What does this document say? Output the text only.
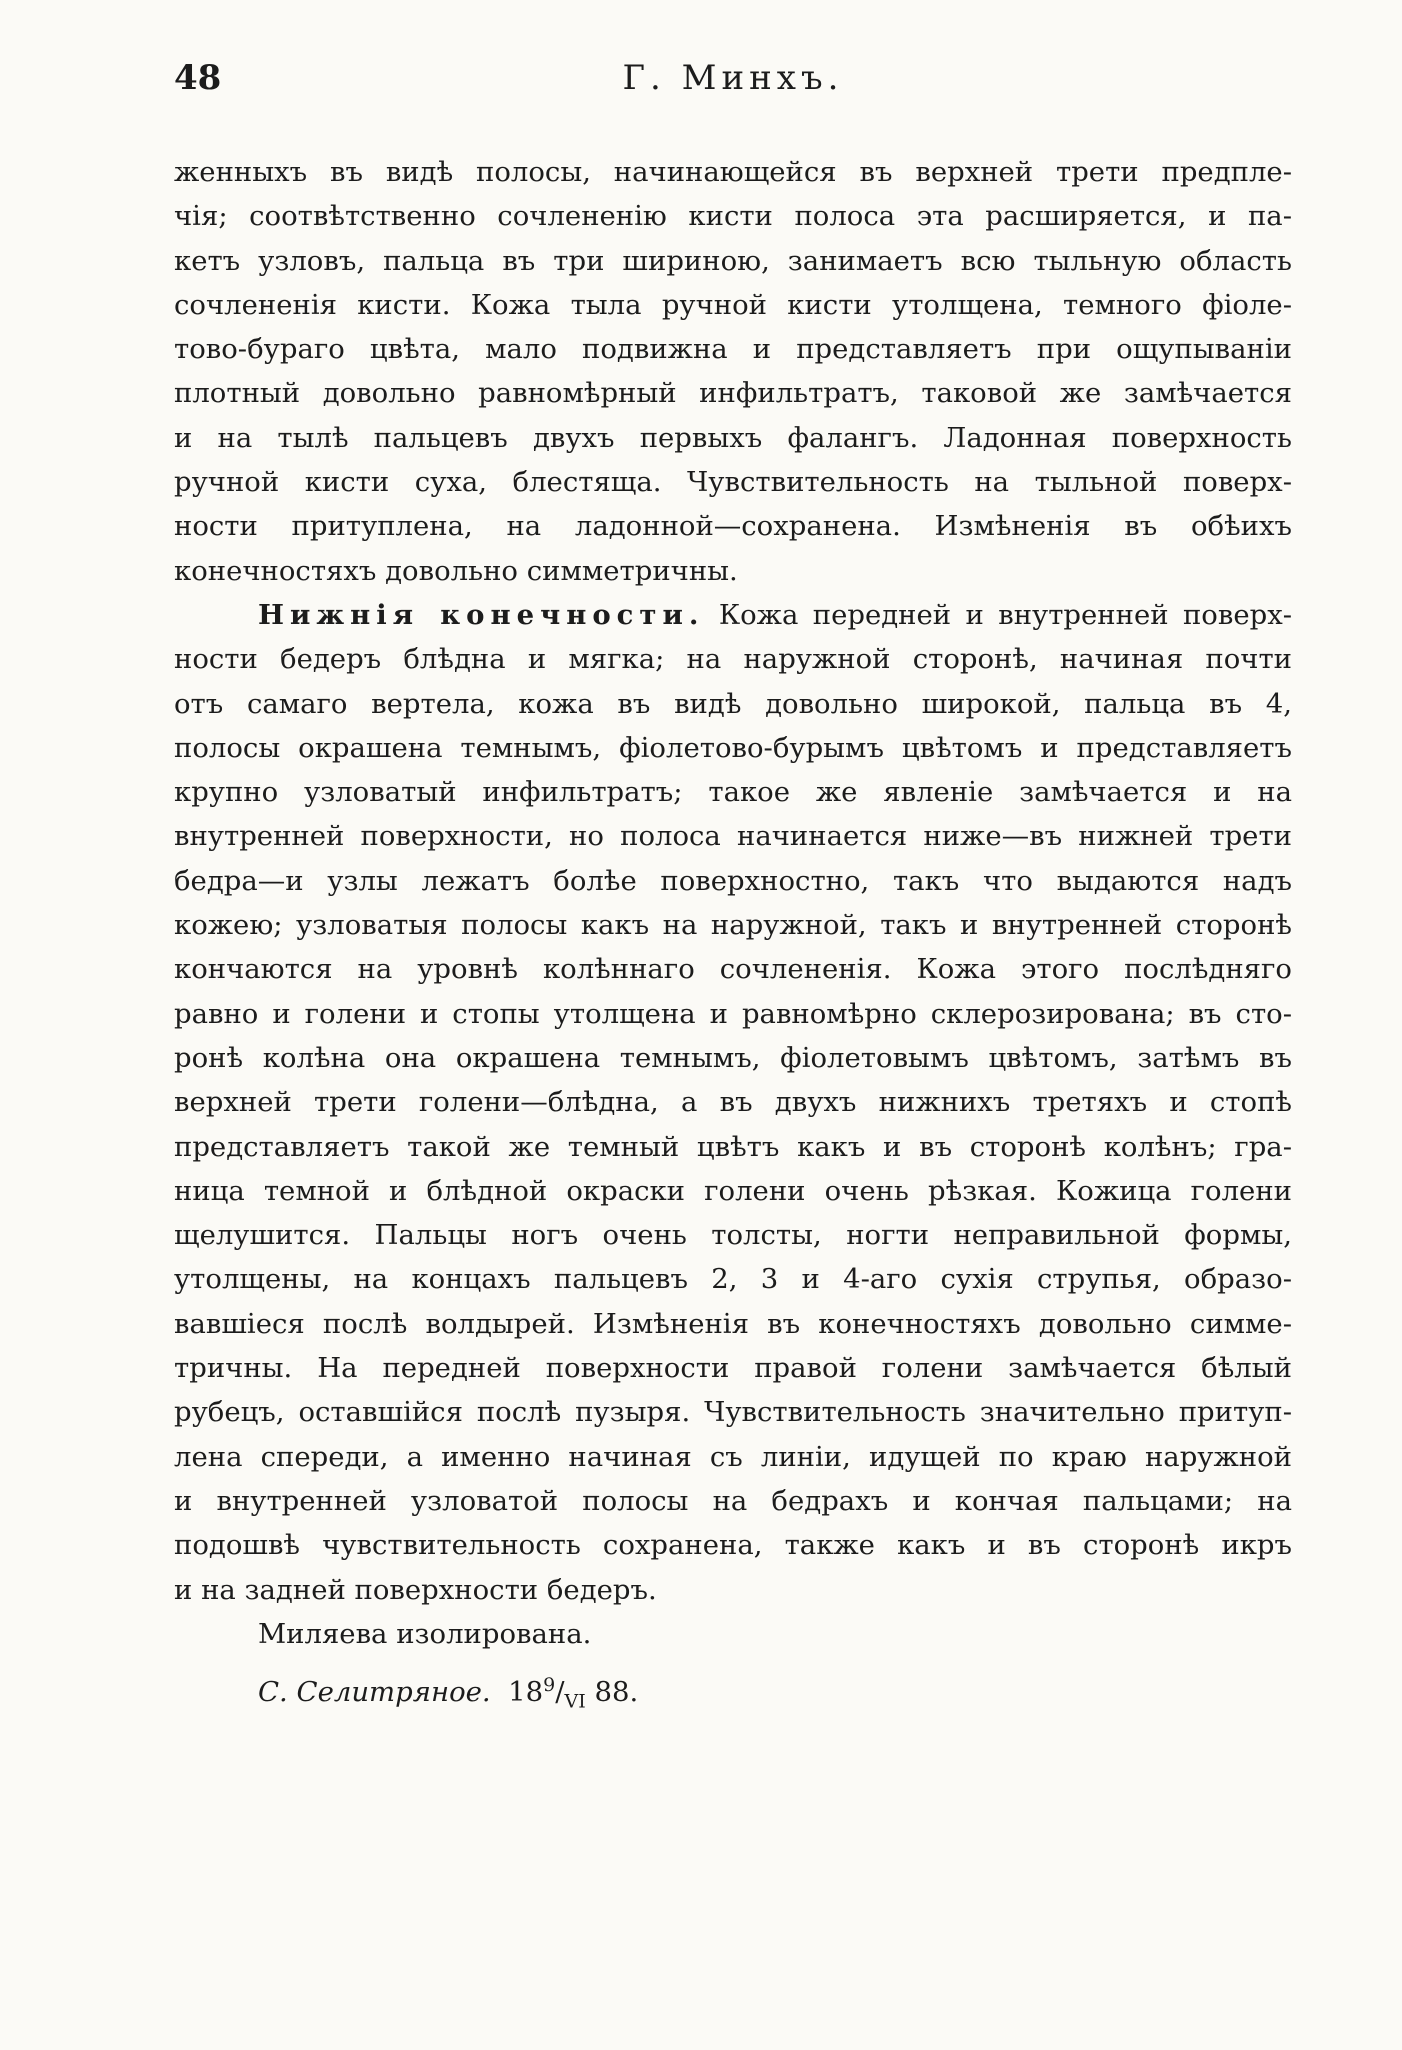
48	Г. Минхъ.
женныхъ въ видѣ полосы, начинающейся въ верхней трети предпле-
чія; соотвѣтственно сочлененію кисти полоса эта расширяется, и па-
кетъ узловъ, пальца въ три шириною, занимаетъ всю тыльную область
сочлененія кисти. Кожа тыла ручной кисти утолщена, темного фіоле-
тово-бураго цвѣта, мало подвижна и представляетъ при ощупываніи
плотный довольно равномѣрный инфильтратъ, таковой же замѣчается
и на тылѣ пальцевъ двухъ первыхъ фалангъ. Ладонная поверхность
ручной кисти суха, блестяща. Чувствительность на тыльной поверх-
ности притуплена, на ладонной—сохранена. Измѣненія въ обѣихъ
конечностяхъ довольно симметричны.
Нижнія конечности. Кожа передней и внутренней поверх-
ности бедеръ блѣдна и мягка; на наружной сторонѣ, начиная почти
отъ самаго вертела, кожа въ видѣ довольно широкой, пальца въ 4,
полосы окрашена темнымъ, фіолетово-бурымъ цвѣтомъ и представляетъ
крупно узловатый инфильтратъ; такое же явленіе замѣчается и на
внутренней поверхности, но полоса начинается ниже—въ нижней трети
бедра—и узлы лежатъ болѣе поверхностно, такъ что выдаются надъ
кожею; узловатыя полосы какъ на наружной, такъ и внутренней сторонѣ
кончаются на уровнѣ колѣннаго сочлененія. Кожа этого послѣдняго
равно и голени и стопы утолщена и равномѣрно склерозирована; въ сто-
ронѣ колѣна она окрашена темнымъ, фіолетовымъ цвѣтомъ, затѣмъ въ
верхней трети голени—блѣдна, а въ двухъ нижнихъ третяхъ и стопѣ
представляетъ такой же темный цвѣтъ какъ и въ сторонѣ колѣнъ; гра-
ница темной и блѣдной окраски голени очень рѣзкая. Кожица голени
щелушится. Пальцы ногъ очень толсты, ногти неправильной формы,
утолщены, на концахъ пальцевъ 2, 3 и 4-аго сухія струпья, образо-
вавшіеся послѣ волдырей. Измѣненія въ конечностяхъ довольно симме-
тричны. На передней поверхности правой голени замѣчается бѣлый
рубецъ, оставшійся послѣ пузыря. Чувствительность значительно притуп-
лена спереди, а именно начиная съ линіи, идущей по краю наружной
и внутренней узловатой полосы на бедрахъ и кончая пальцами; на
подошвѣ чувствительность сохранена, также какъ и въ сторонѣ икръ
и на задней поверхности бедеръ.
Миляева изолирована.
С. Селитряное. $18^9/_{VI}$ 88.
